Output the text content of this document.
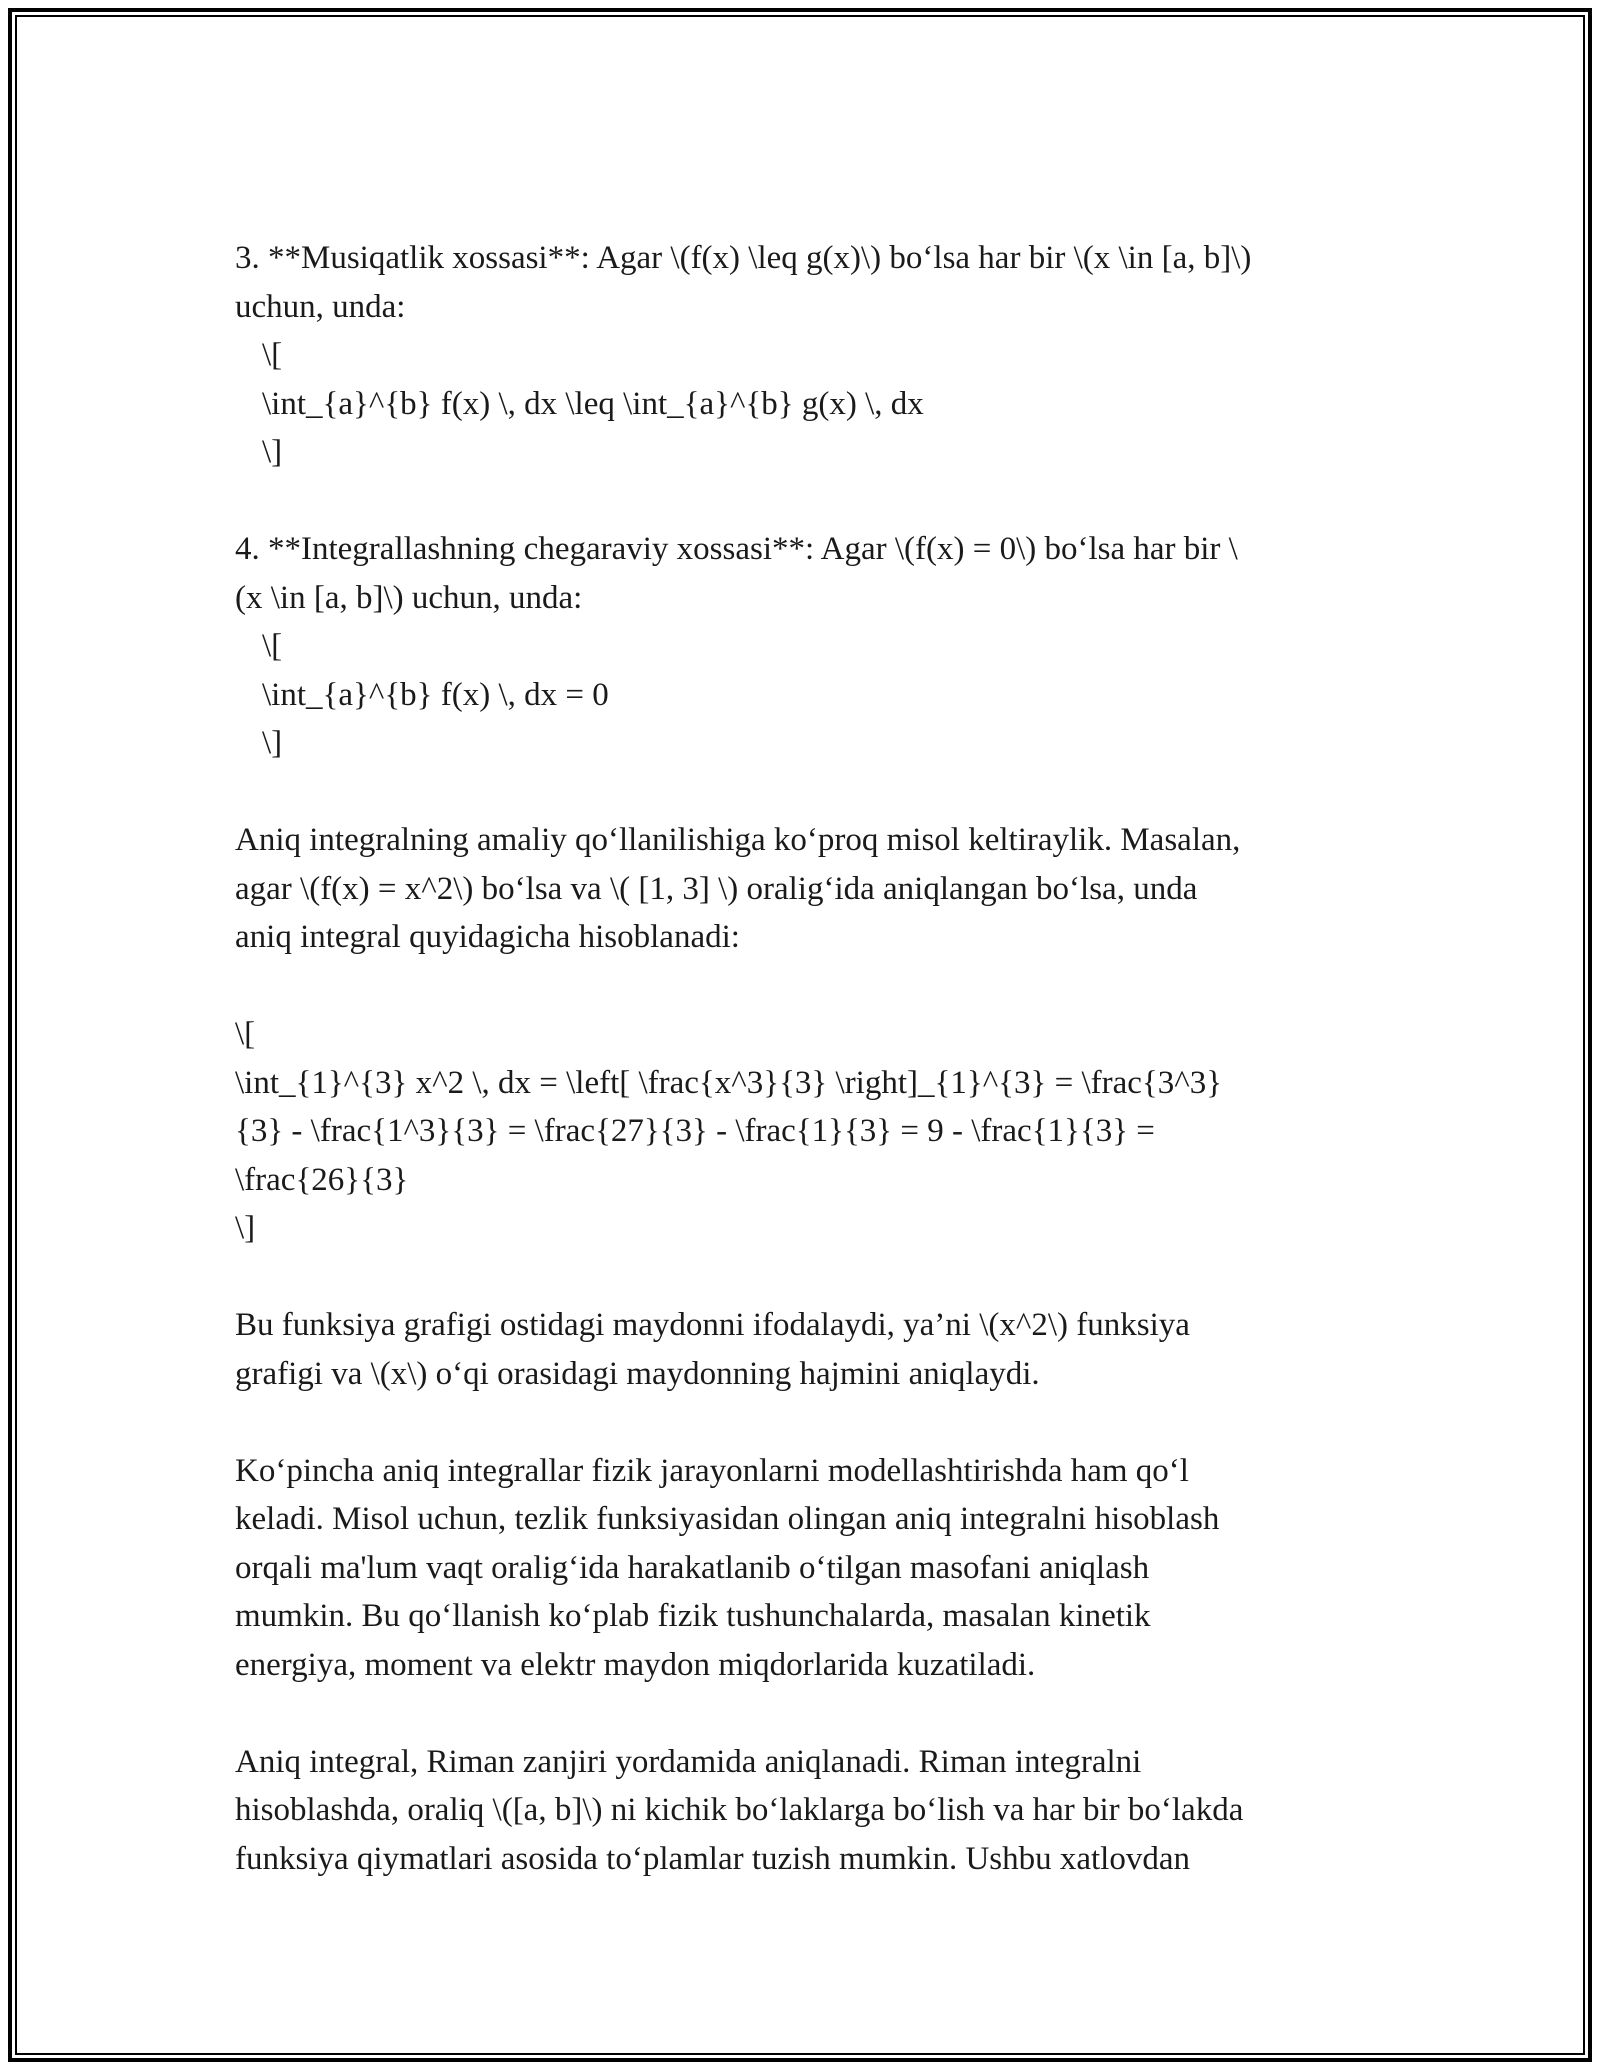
3. **Musiqatlik xossasi**: Agar \(f(x) \leq g(x)\) bo‘lsa har bir \(x \in [a, b]\)

uchun, unda:

\[

\int_{a}^{b} f(x) \, dx \leq \int_{a}^{b} g(x) \, dx

\]

4. **Integrallashning chegaraviy xossasi**: Agar \(f(x) = 0\) bo‘lsa har bir \

(x \in [a, b]\) uchun, unda:

\[

\int_{a}^{b} f(x) \, dx = 0

\]

Aniq integralning amaliy qo‘llanilishiga ko‘proq misol keltiraylik. Masalan,

agar \(f(x) = x^2\) bo‘lsa va \( [1, 3] \) oralig‘ida aniqlangan bo‘lsa, unda

aniq integral quyidagicha hisoblanadi:

\[

\int_{1}^{3} x^2 \, dx = \left[ \frac{x^3}{3} \right]_{1}^{3} = \frac{3^3}

{3} - \frac{1^3}{3} = \frac{27}{3} - \frac{1}{3} = 9 - \frac{1}{3} =

\frac{26}{3}

\]

Bu funksiya grafigi ostidagi maydonni ifodalaydi, ya’ni \(x^2\) funksiya

grafigi va \(x\) o‘qi orasidagi maydonning hajmini aniqlaydi.

Ko‘pincha aniq integrallar fizik jarayonlarni modellashtirishda ham qo‘l

keladi. Misol uchun, tezlik funksiyasidan olingan aniq integralni hisoblash

orqali ma'lum vaqt oralig‘ida harakatlanib o‘tilgan masofani aniqlash

mumkin. Bu qo‘llanish ko‘plab fizik tushunchalarda, masalan kinetik

energiya, moment va elektr maydon miqdorlarida kuzatiladi.

Aniq integral, Riman zanjiri yordamida aniqlanadi. Riman integralni

hisoblashda, oraliq \([a, b]\) ni kichik bo‘laklarga bo‘lish va har bir bo‘lakda

funksiya qiymatlari asosida to‘plamlar tuzish mumkin. Ushbu xatlovdan
